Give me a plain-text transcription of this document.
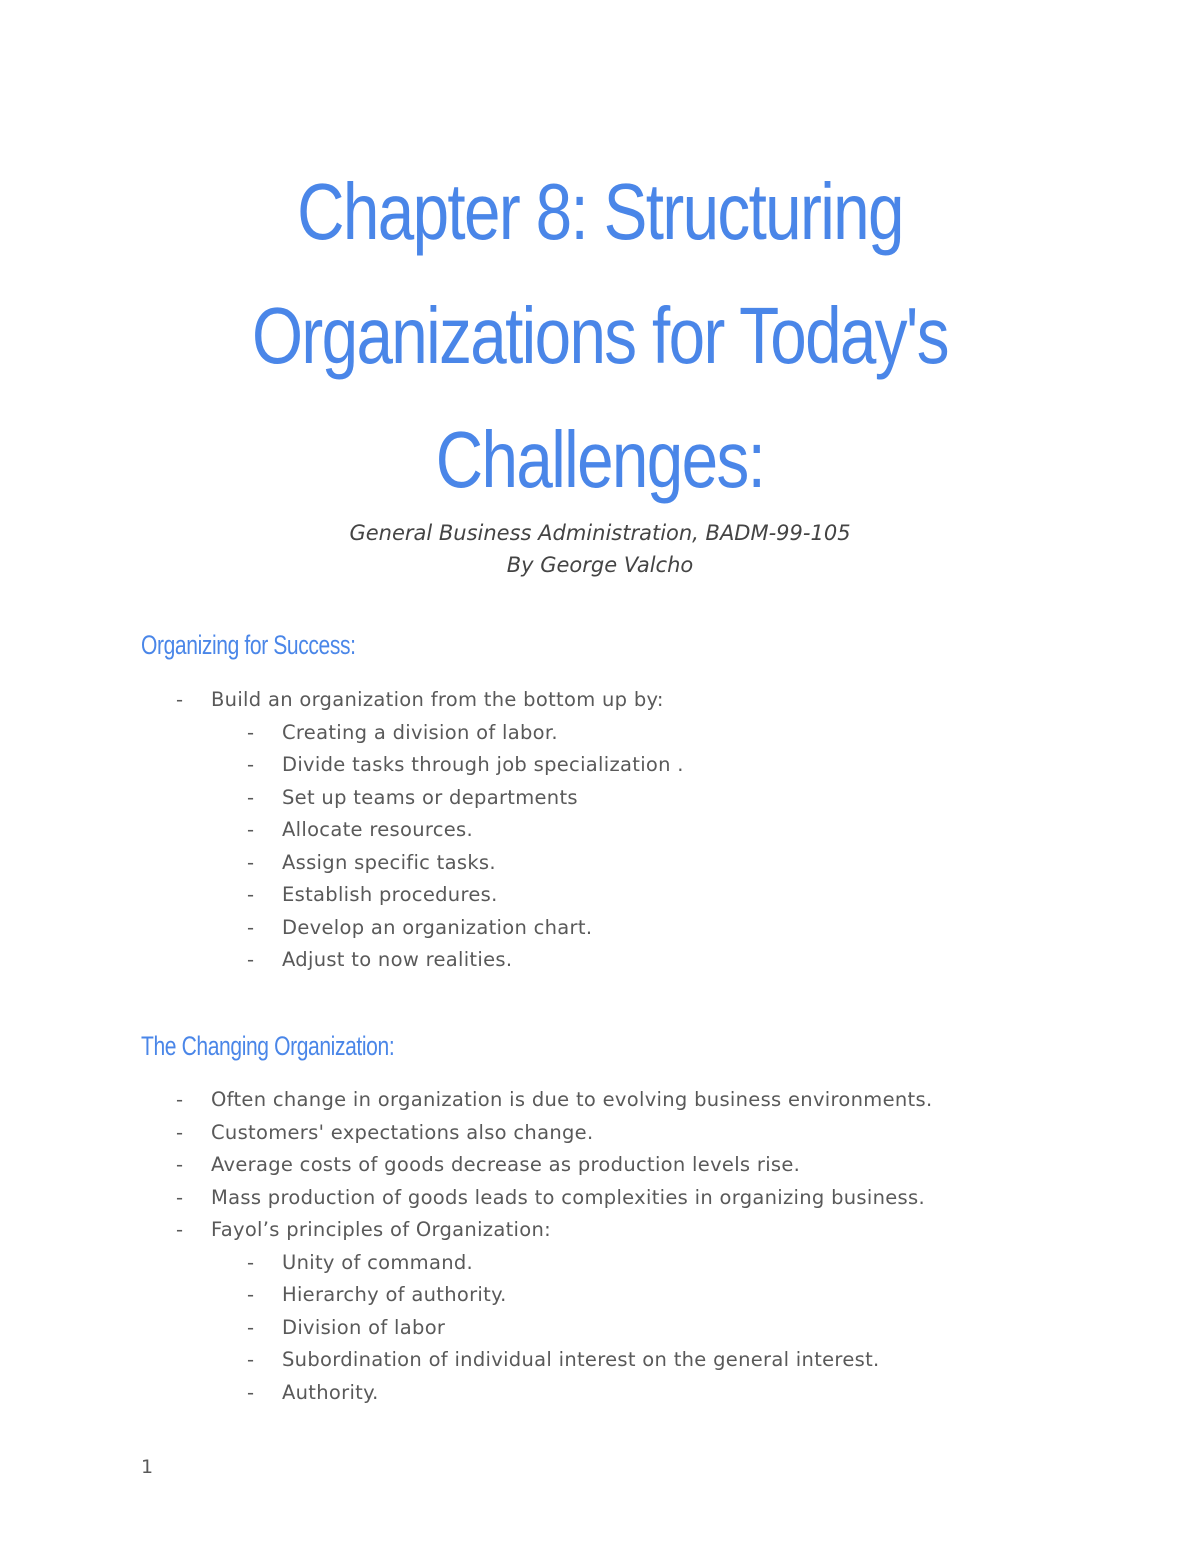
Chapter 8: Structuring
Organizations for Today's
Challenges:
General Business Administration, BADM-99-105
By George Valcho
Organizing for Success:
- Build an organization from the bottom up by:
- Creating a division of labor.
- Divide tasks through job specialization .
- Set up teams or departments
- Allocate resources.
- Assign specific tasks.
- Establish procedures.
- Develop an organization chart.
- Adjust to now realities.
The Changing Organization:
- Often change in organization is due to evolving business environments.
- Customers' expectations also change.
- Average costs of goods decrease as production levels rise.
- Mass production of goods leads to complexities in organizing business.
- Fayol’s principles of Organization:
- Unity of command.
- Hierarchy of authority.
- Division of labor
- Subordination of individual interest on the general interest.
- Authority.
1
